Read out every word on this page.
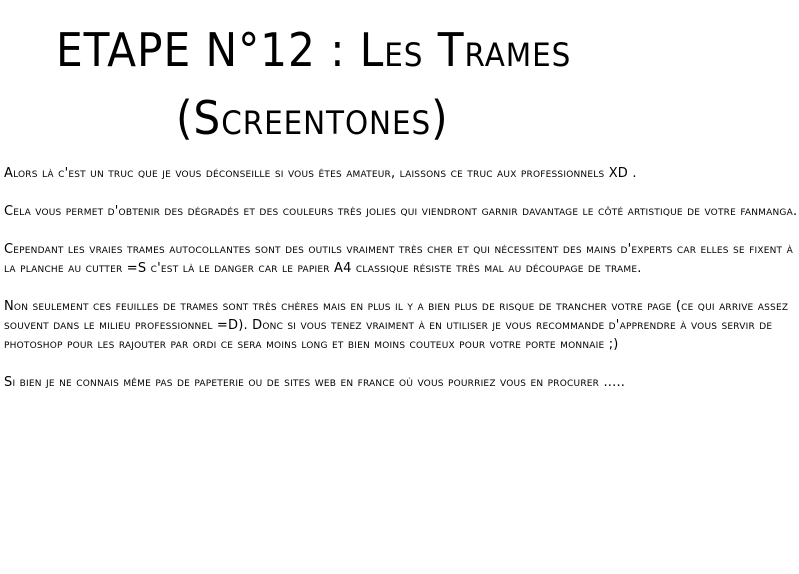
ETAPE N°12 : Les Trames
(Screentones)

Alors là c'est un truc que je vous déconseille si vous êtes amateur, laissons ce truc aux professionnels XD .

Cela vous permet d'obtenir des dégradés et des couleurs très jolies qui viendront garnir davantage le côté artistique de votre fanmanga.

Cependant les vraies trames autocollantes sont des outils vraiment très cher et qui nécessitent des mains d'experts car elles se fixent à la planche au cutter =S c'est là le danger car le papier A4 classique résiste très mal au découpage de trame.

Non seulement ces feuilles de trames sont très chères mais en plus il y a bien plus de risque de trancher votre page (ce qui arrive assez souvent dans le milieu professionnel =D). Donc si vous tenez vraiment à en utiliser je vous recommande d'apprendre à vous servir de photoshop pour les rajouter par ordi ce sera moins long et bien moins couteux pour votre porte monnaie ;)

Si bien je ne connais même pas de papeterie ou de sites web en france où vous pourriez vous en procurer .....
